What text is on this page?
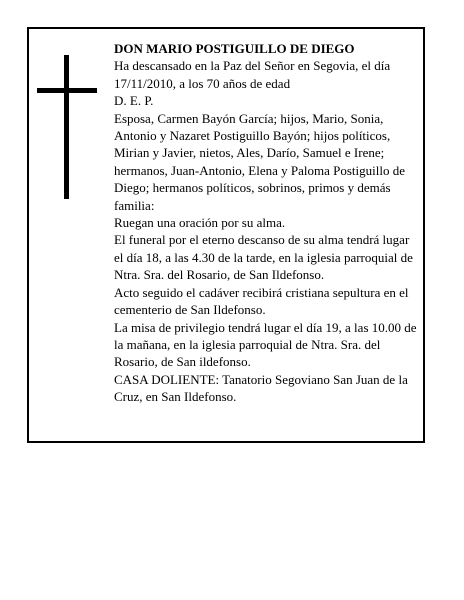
DON MARIO POSTIGUILLO DE DIEGO

Ha descansado en la Paz del Señor en Segovia, el día 17/11/2010, a los 70 años de edad

D. E. P.

Esposa, Carmen Bayón García; hijos, Mario, Sonia, Antonio y Nazaret Postiguillo Bayón; hijos políticos, Mirian y Javier, nietos, Ales, Darío, Samuel e Irene; hermanos, Juan-Antonio, Elena y Paloma Postiguillo de Diego; hermanos políticos, sobrinos, primos y demás familia:

Ruegan una oración por su alma.

El funeral por el eterno descanso de su alma tendrá lugar el día 18, a las 4.30 de la tarde, en la iglesia parroquial de Ntra. Sra. del Rosario, de San Ildefonso.

Acto seguido el cadáver recibirá cristiana sepultura en el cementerio de San Ildefonso.

La misa de privilegio tendrá lugar el día 19, a las 10.00 de la mañana, en la iglesia parroquial de Ntra. Sra. del Rosario, de San ildefonso.

CASA DOLIENTE: Tanatorio Segoviano San Juan de la Cruz, en San Ildefonso.
